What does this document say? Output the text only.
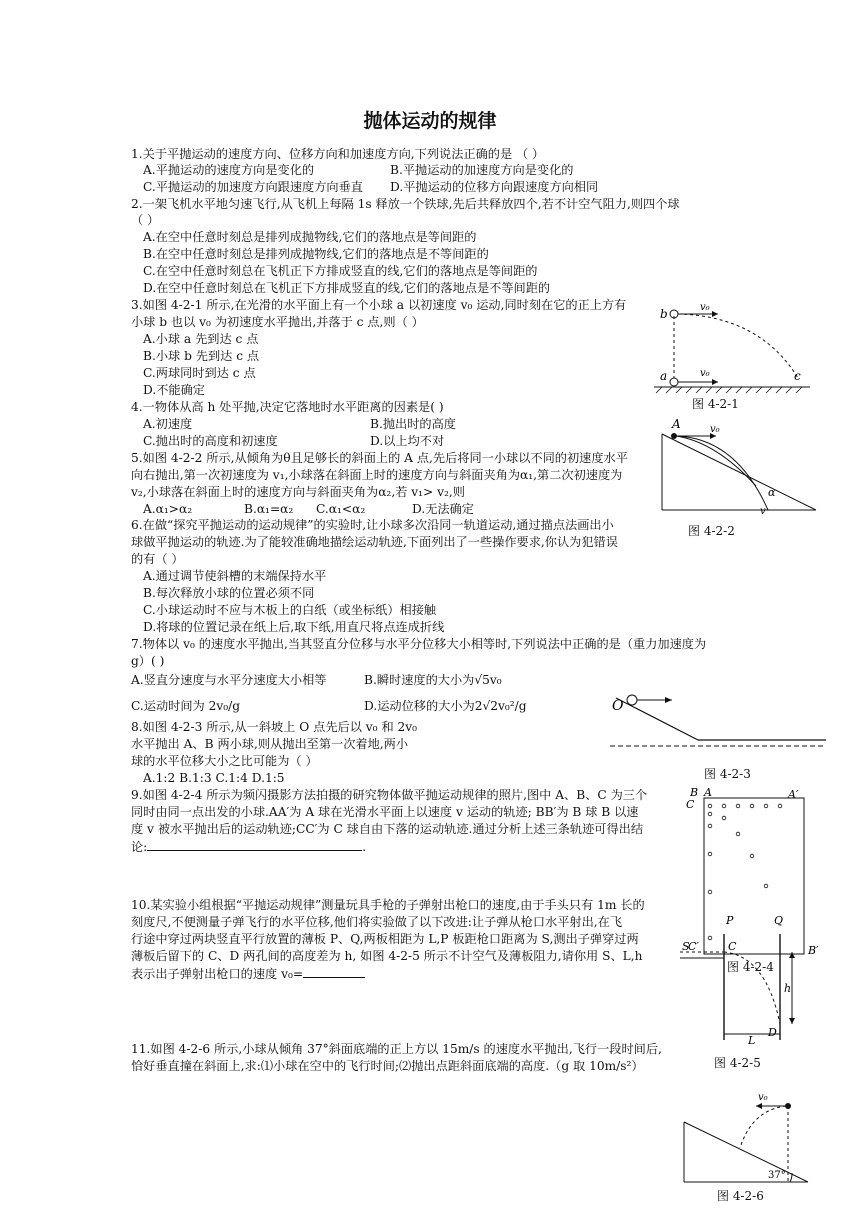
抛体运动的规律
1.关于平抛运动的速度方向、位移方向和加速度方向,下列说法正确的是 （ ）
A.平抛运动的速度方向是变化的	B.平抛运动的加速度方向是变化的
C.平抛运动的加速度方向跟速度方向垂直 D.平抛运动的位移方向跟速度方向相同
2.一架飞机水平地匀速飞行,从飞机上每隔 1s 释放一个铁球,先后共释放四个,若不计空气阻力,则四个球
（ ）
A.在空中任意时刻总是排列成抛物线,它们的落地点是等间距的
B.在空中任意时刻总是排列成抛物线,它们的落地点是不等间距的
C.在空中任意时刻总在飞机正下方排成竖直的线,它们的落地点是等间距的
D.在空中任意时刻总在飞机正下方排成竖直的线,它们的落地点是不等间距的
3.如图 4-2-1 所示,在光滑的水平面上有一个小球 a 以初速度 v₀ 运动,同时刻在它的正上方有
小球 b 也以 v₀ 为初速度水平抛出,并落于 c 点,则（ ）
A.小球 a 先到达 c 点
B.小球 b 先到达 c 点
C.两球同时到达 c 点
D.不能确定
b
a	c
v₀
v₀
图 4-2-1
4.一物体从高 h 处平抛,决定它落地时水平距离的因素是( )
A.初速度	B.抛出时的高度
C.抛出时的高度和初速度	D.以上均不对
5.如图 4-2-2 所示,从倾角为θ且足够长的斜面上的 A 点,先后将同一小球以不同的初速度水平
向右抛出,第一次初速度为 v₁,小球落在斜面上时的速度方向与斜面夹角为α₁,第二次初速度为
v₂,小球落在斜面上时的速度方向与斜面夹角为α₂,若 v₁> v₂,则
A.α₁>α₂	B.α₁=α₂ C.α₁<α₂	D.无法确定
A	v₀
α
v
图 4-2-2
6.在做“探究平抛运动的运动规律”的实验时,让小球多次沿同一轨道运动,通过描点法画出小
球做平抛运动的轨迹.为了能较准确地描绘运动轨迹,下面列出了一些操作要求,你认为犯错误
的有（ ）
A.通过调节使斜槽的末端保持水平
B.每次释放小球的位置必须不同
C.小球运动时不应与木板上的白纸（或坐标纸）相接触
D.将球的位置记录在纸上后,取下纸,用直尺将点连成折线
7.物体以 v₀ 的速度水平抛出,当其竖直分位移与水平分位移大小相等时,下列说法中正确的是（重力加速度为
g）( )
A.竖直分速度与水平分速度大小相等	B.瞬时速度的大小为√5v₀
C.运动时间为 2v₀/g	D.运动位移的大小为2√2v₀²/g	O
图 4-2-3
8.如图 4-2-3 所示,从一斜坡上 O 点先后以 v₀ 和 2v₀
水平抛出 A、B 两小球,则从抛出至第一次着地,两小
球的水平位移大小之比可能为（ ）
A.1:2 B.1:3 C.1:4 D.1:5
9.如图 4-2-4 所示为频闪摄影方法拍摄的研究物体做平抛运动规律的照片,图中 A、B、C 为三个
同时由同一点出发的小球.AA′为 A 球在光滑水平面上以速度 v 运动的轨迹; BB′为 B 球 B 以速
度 v 被水平抛出后的运动轨迹;CC′为 C 球自由下落的运动轨迹.通过分析上述三条轨迹可得出结
论:	.
B A	A′
C
C′	B′
图 4-2-4
10.某实验小组根据“平抛运动规律”测量玩具手枪的子弹射出枪口的速度,由于手头只有 1m 长的
刻度尺,不便测量子弹飞行的水平位移,他们将实验做了以下改进:让子弹从枪口水平射出,在飞
行途中穿过两块竖直平行放置的薄板 P、Q,两板相距为 L,P 板距枪口距离为 S,测出子弹穿过两
薄板后留下的 C、D 两孔间的高度差为 h, 如图 4-2-5 所示不计空气及薄板阻力,请你用 S、L,h
表示出子弹射出枪口的速度 v₀=
P	Q
S	C
h
D
L
图 4-2-5
11.如图 4-2-6 所示,小球从倾角 37°斜面底端的正上方以 15m/s 的速度水平抛出,飞行一段时间后,
恰好垂直撞在斜面上,求:⑴小球在空中的飞行时间;⑵抛出点距斜面底端的高度.（g 取 10m/s²）
v₀
37°
图 4-2-6
